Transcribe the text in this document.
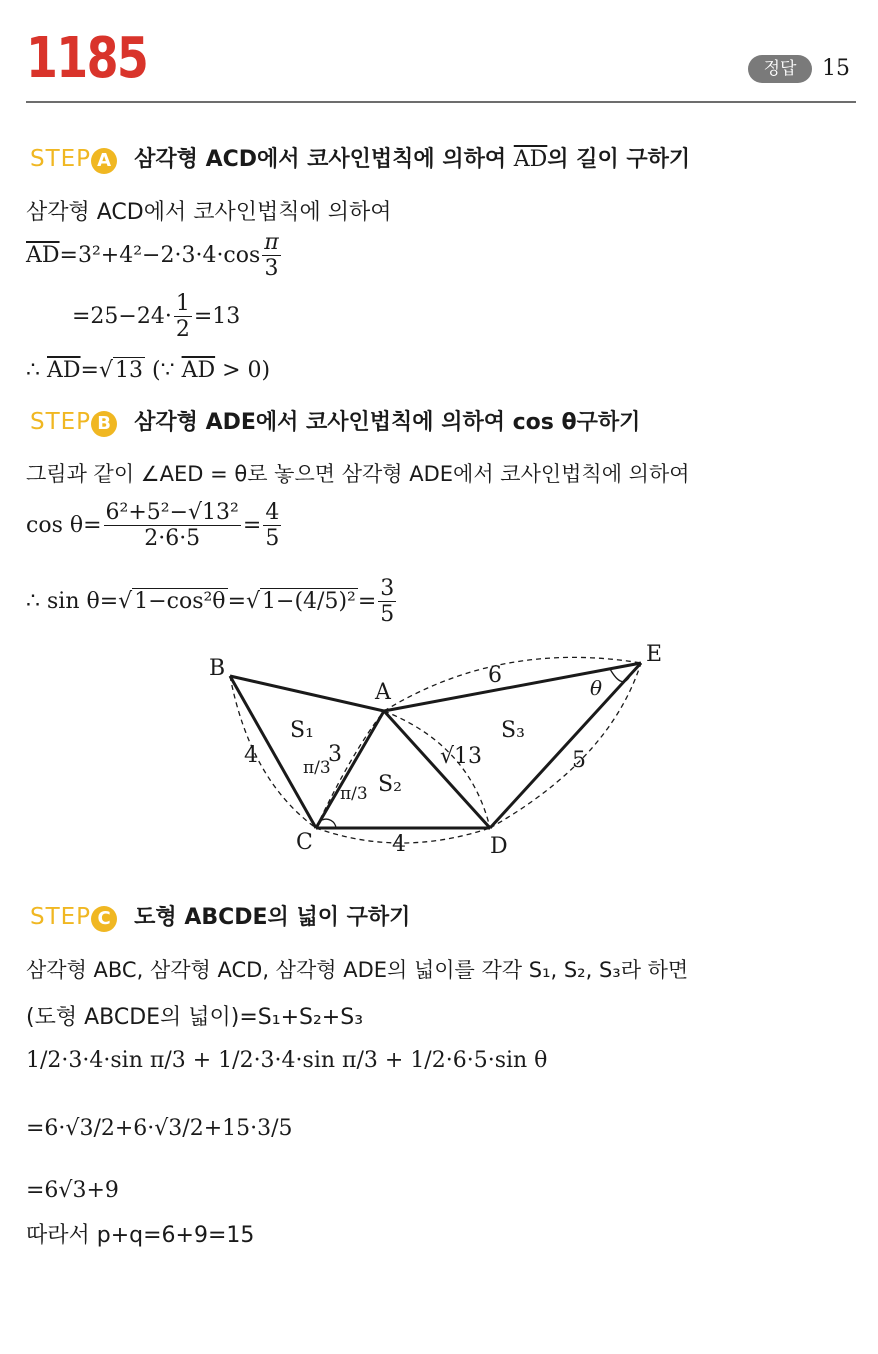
1185	정답	15
STEP A 삼각형 ACD에서 코사인법칙에 의하여 $\overline{AD}$의 길이 구하기
삼각형 ACD에서 코사인법칙에 의하여
$\overline{AD}=3^2+4^2-2\cdot 3\cdot 4\cdot\cos \frac{\pi}{3}$
$=25-24\cdot \frac{1}{2} =13$
∴ $\overline{AD}=√13$ (∵ $\overline{AD} > 0$)
STEP B 삼각형 ADE에서 코사인법칙에 의하여 cos θ구하기
그림과 같이 ∠AED = θ로 놓으면 삼각형 ADE에서 코사인법칙에 의하여
$\cos \theta= \frac{\text{6²+5²−√13²}}{2\cdot 6\cdot 5} = \frac{4}{5}$
∴ $\sin \theta=√1-\cos^2\theta=√1-(4/5)^2= \frac{3}{5}$
B
A
E
C	D
S₁
S₂
S₃
4	3
4
6
5
√13
π/3
π/3
θ
STEP C 도형 ABCDE의 넓이 구하기
삼각형 ABC, 삼각형 ACD, 삼각형 ADE의 넓이를 각각 S₁, S₂, S₃라 하면
(도형 ABCDE의 넓이)=S₁+S₂+S₃
1/2·3·4·sin π/3 + 1/2·3·4·sin π/3 + 1/2·6·5·sin θ
=6·√3/2+6·√3/2+15·3/5
=6√3+9
따라서 p+q=6+9=15
